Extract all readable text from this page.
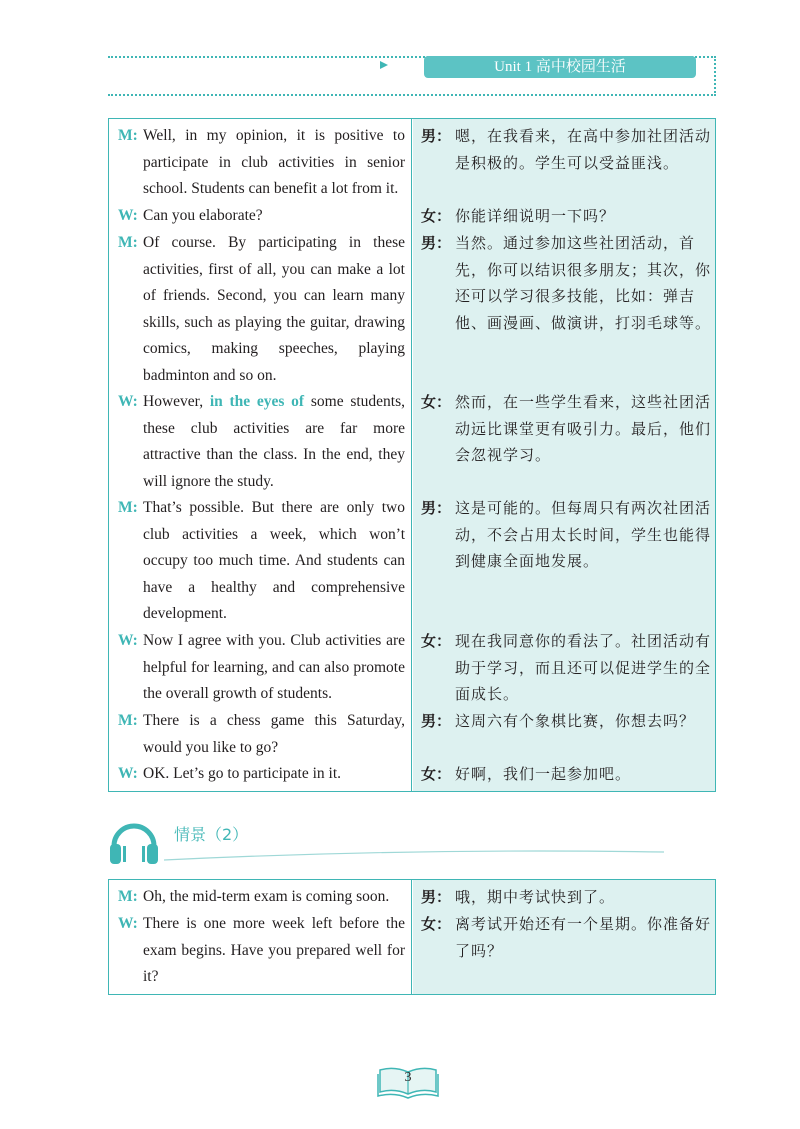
Unit 1 高中校园生活
M: Well, in my opinion, it is positive to participate in club activities in senior school. Students can benefit a lot from it.
男： 嗯，在我看来，在高中参加社团活动是积极的。学生可以受益匪浅。
W: Can you elaborate?	女： 你能详细说明一下吗？
M: Of course. By participating in these activities, first of all, you can make a lot of friends. Second, you can learn many skills, such as playing the guitar, drawing comics, making speeches, playing badminton and so on.
男： 当然。通过参加这些社团活动，首先，你可以结识很多朋友；其次，你还可以学习很多技能，比如：弹吉他、画漫画、做演讲，打羽毛球等。
W: However, in the eyes of some students, these club activities are far more attractive than the class. In the end, they will ignore the study.
女： 然而，在一些学生看来，这些社团活动远比课堂更有吸引力。最后，他们会忽视学习。
M: That’s possible. But there are only two club activities a week, which won’t occupy too much time. And students can have a healthy and comprehensive development.
男： 这是可能的。但每周只有两次社团活动，不会占用太长时间，学生也能得到健康全面地发展。
W: Now I agree with you. Club activities are helpful for learning, and can also promote the overall growth of students.
女： 现在我同意你的看法了。社团活动有助于学习，而且还可以促进学生的全面成长。
M: There is a chess game this Saturday, would you like to go?
男： 这周六有个象棋比赛，你想去吗？
W: OK. Let’s go to participate in it.	女： 好啊，我们一起参加吧。
情景（2）
M: Oh, the mid-term exam is coming soon.	男： 哦，期中考试快到了。
W: There is one more week left before the exam begins. Have you prepared well for it?
女： 离考试开始还有一个星期。你准备好了吗？
3
